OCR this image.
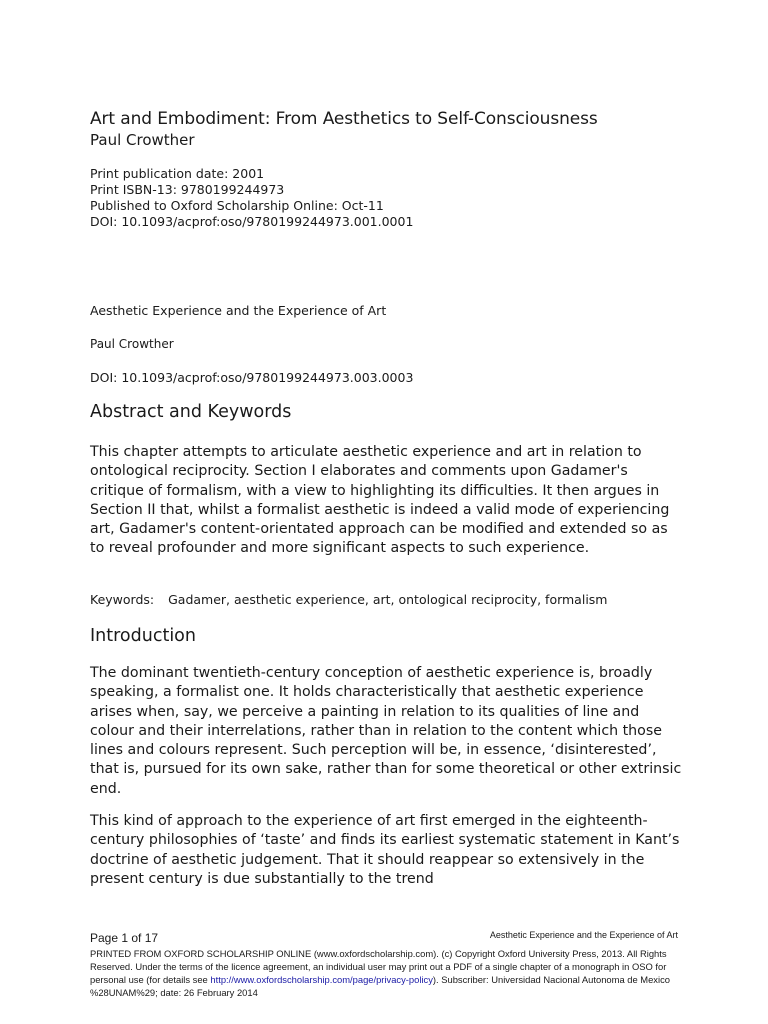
Art and Embodiment: From Aesthetics to Self-Consciousness
Paul Crowther
Print publication date: 2001
Print ISBN-13: 9780199244973
Published to Oxford Scholarship Online: Oct-11
DOI: 10.1093/acprof:oso/9780199244973.001.0001
Aesthetic Experience and the Experience of Art
Paul Crowther
DOI: 10.1093/acprof:oso/9780199244973.003.0003
Abstract and Keywords
This chapter attempts to articulate aesthetic experience and art in relation to ontological reciprocity. Section I elaborates and comments upon Gadamer's critique of formalism, with a view to highlighting its difficulties. It then argues in Section II that, whilst a formalist aesthetic is indeed a valid mode of experiencing art, Gadamer's content-orientated approach can be modified and extended so as to reveal profounder and more significant aspects to such experience.
Keywords: Gadamer, aesthetic experience, art, ontological reciprocity, formalism
Introduction

The dominant twentieth-century conception of aesthetic experience is, broadly speaking, a formalist one. It holds characteristically that aesthetic experience arises when, say, we perceive a painting in relation to its qualities of line and colour and their interrelations, rather than in relation to the content which those lines and colours represent. Such perception will be, in essence, ‘disinterested’, that is, pursued for its own sake, rather than for some theoretical or other extrinsic end.

This kind of approach to the experience of art first emerged in the eighteenth-century philosophies of ‘taste’ and finds its earliest systematic statement in Kant’s doctrine of aesthetic judgement. That it should reappear so extensively in the present century is due substantially to the trend

Page 1 of 17	Aesthetic Experience and the Experience of Art
PRINTED FROM OXFORD SCHOLARSHIP ONLINE (www.oxfordscholarship.com). (c) Copyright Oxford University Press, 2013. All Rights Reserved. Under the terms of the licence agreement, an individual user may print out a PDF of a single chapter of a monograph in OSO for personal use (for details see http://www.oxfordscholarship.com/page/privacy-policy). Subscriber: Universidad Nacional Autonoma de Mexico %28UNAM%29; date: 26 February 2014
